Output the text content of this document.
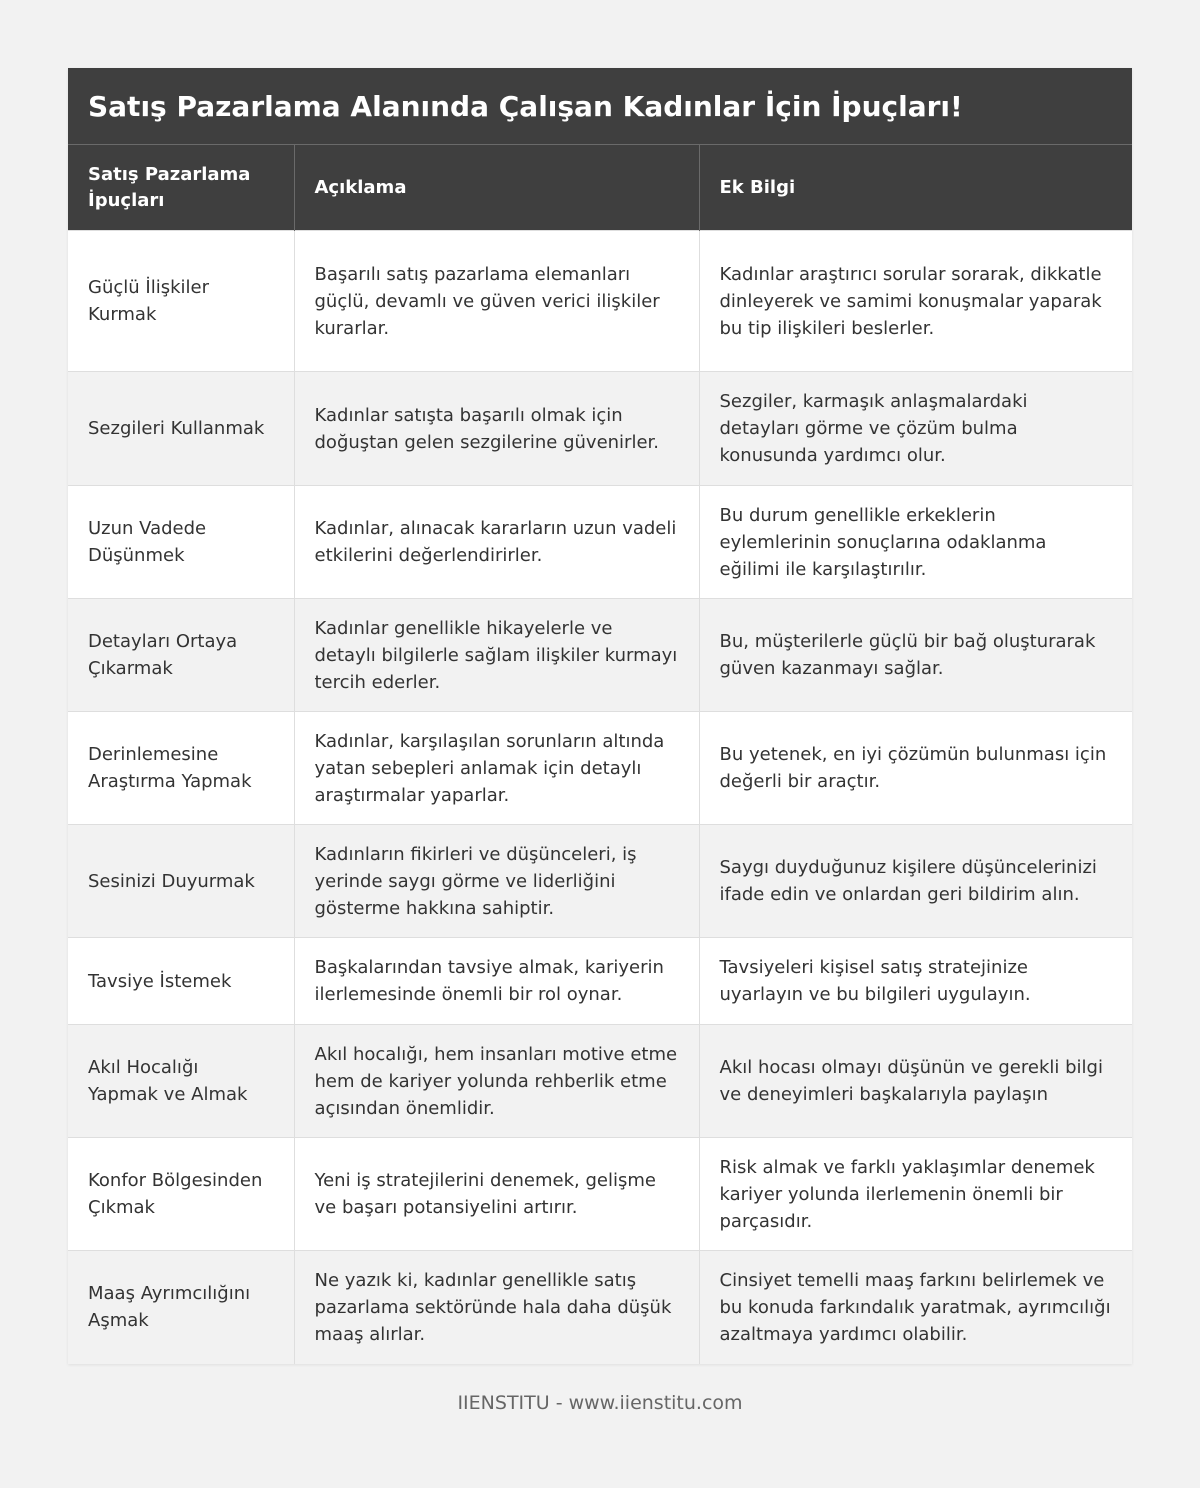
Satış Pazarlama Alanında Çalışan Kadınlar İçin İpuçları!
Satış Pazarlama İpuçları	Açıklama	Ek Bilgi
Güçlü İlişkiler Kurmak	Başarılı satış pazarlama elemanları güçlü, devamlı ve güven verici ilişkiler kurarlar.	Kadınlar araştırıcı sorular sorarak, dikkatle dinleyerek ve samimi konuşmalar yaparak bu tip ilişkileri beslerler.
Sezgileri Kullanmak	Kadınlar satışta başarılı olmak için doğuştan gelen sezgilerine güvenirler.	Sezgiler, karmaşık anlaşmalardaki detayları görme ve çözüm bulma konusunda yardımcı olur.
Uzun Vadede Düşünmek	Kadınlar, alınacak kararların uzun vadeli etkilerini değerlendirirler.	Bu durum genellikle erkeklerin eylemlerinin sonuçlarına odaklanma eğilimi ile karşılaştırılır.
Detayları Ortaya Çıkarmak	Kadınlar genellikle hikayelerle ve detaylı bilgilerle sağlam ilişkiler kurmayı tercih ederler.	Bu, müşterilerle güçlü bir bağ oluşturarak güven kazanmayı sağlar.
Derinlemesine Araştırma Yapmak	Kadınlar, karşılaşılan sorunların altında yatan sebepleri anlamak için detaylı araştırmalar yaparlar.	Bu yetenek, en iyi çözümün bulunması için değerli bir araçtır.
Sesinizi Duyurmak	Kadınların fikirleri ve düşünceleri, iş yerinde saygı görme ve liderliğini gösterme hakkına sahiptir.	Saygı duyduğunuz kişilere düşüncelerinizi ifade edin ve onlardan geri bildirim alın.
Tavsiye İstemek	Başkalarından tavsiye almak, kariyerin ilerlemesinde önemli bir rol oynar.	Tavsiyeleri kişisel satış stratejinize uyarlayın ve bu bilgileri uygulayın.
Akıl Hocalığı Yapmak ve Almak	Akıl hocalığı, hem insanları motive etme hem de kariyer yolunda rehberlik etme açısından önemlidir.	Akıl hocası olmayı düşünün ve gerekli bilgi ve deneyimleri başkalarıyla paylaşın
Konfor Bölgesinden Çıkmak	Yeni iş stratejilerini denemek, gelişme ve başarı potansiyelini artırır.	Risk almak ve farklı yaklaşımlar denemek kariyer yolunda ilerlemenin önemli bir parçasıdır.
Maaş Ayrımcılığını Aşmak	Ne yazık ki, kadınlar genellikle satış pazarlama sektöründe hala daha düşük maaş alırlar.	Cinsiyet temelli maaş farkını belirlemek ve bu konuda farkındalık yaratmak, ayrımcılığı azaltmaya yardımcı olabilir.
IIENSTITU - www.iienstitu.com
